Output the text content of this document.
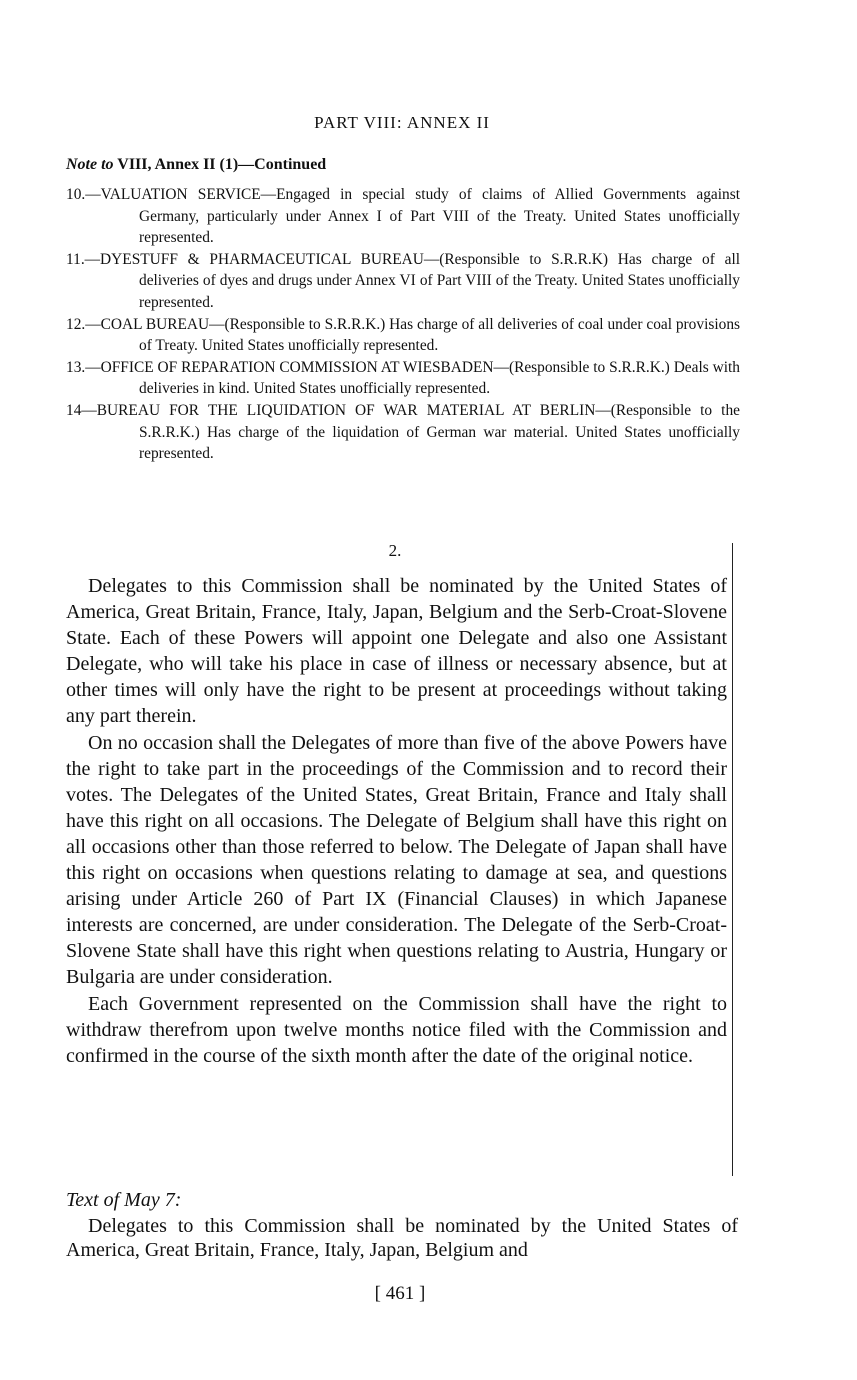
PART VIII: ANNEX II
Note to VIII, Annex II (1)—Continued
10.—VALUATION SERVICE—Engaged in special study of claims of Allied Governments against Germany, particularly under Annex I of Part VIII of the Treaty. United States unofficially represented.
11.—DYESTUFF & PHARMACEUTICAL BUREAU—(Responsible to S.R.R.K) Has charge of all deliveries of dyes and drugs under Annex VI of Part VIII of the Treaty. United States unofficially represented.
12.—COAL BUREAU—(Responsible to S.R.R.K.) Has charge of all deliveries of coal under coal provisions of Treaty. United States unofficially represented.
13.—OFFICE OF REPARATION COMMISSION AT WIESBADEN—(Responsible to S.R.R.K.) Deals with deliveries in kind. United States unofficially represented.
14—BUREAU FOR THE LIQUIDATION OF WAR MATERIAL AT BERLIN—(Responsible to the S.R.R.K.) Has charge of the liquidation of German war material. United States unofficially represented.
2.

Delegates to this Commission shall be nominated by the United States of America, Great Britain, France, Italy, Japan, Belgium and the Serb-Croat-Slovene State. Each of these Powers will appoint one Delegate and also one Assistant Delegate, who will take his place in case of illness or necessary absence, but at other times will only have the right to be present at proceedings without taking any part therein.

On no occasion shall the Delegates of more than five of the above Powers have the right to take part in the proceedings of the Commission and to record their votes. The Delegates of the United States, Great Britain, France and Italy shall have this right on all occasions. The Delegate of Belgium shall have this right on all occasions other than those referred to below. The Delegate of Japan shall have this right on occasions when questions relating to damage at sea, and questions arising under Article 260 of Part IX (Financial Clauses) in which Japanese interests are concerned, are under consideration. The Delegate of the Serb-Croat-Slovene State shall have this right when questions relating to Austria, Hungary or Bulgaria are under consideration.

Each Government represented on the Commission shall have the right to withdraw therefrom upon twelve months notice filed with the Commission and confirmed in the course of the sixth month after the date of the original notice.

Text of May 7:
Delegates to this Commission shall be nominated by the United States of America, Great Britain, France, Italy, Japan, Belgium and
[ 461 ]
